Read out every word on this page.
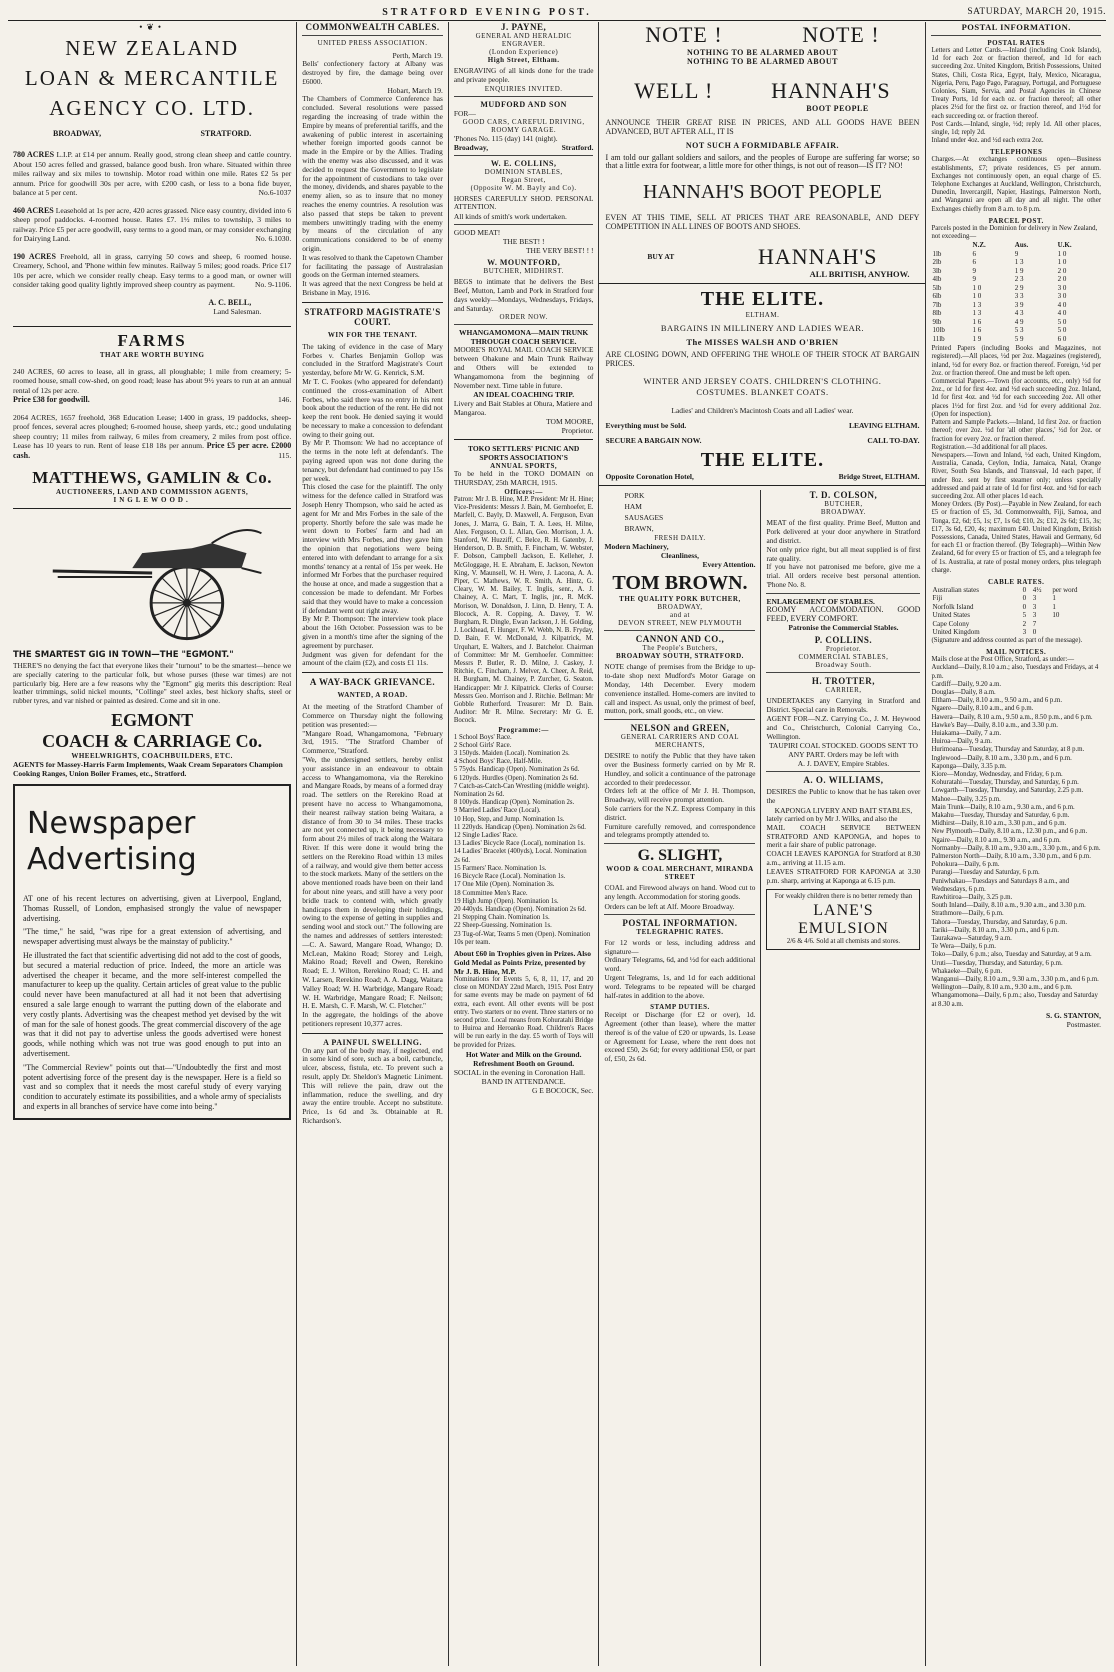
STRATFORD EVENING POST.	SATURDAY, MARCH 20, 1915.
•❦•
NEW ZEALAND
LOAN & MERCANTILE
AGENCY CO. LTD.
BROADWAY,	STRATFORD.
780 ACRES L.I.P. at £14 per annum. Really good, strong clean sheep and cattle country. About 150 acres felled and grassed, balance good bush. Iron whare. Situated within three miles railway and six miles to township. Motor road within one mile. Rates £2 5s per annum. Price for goodwill 30s per acre, with £200 cash, or less to a bona fide buyer, balance at 5 per cent.	No.6-1037
460 ACRES Leasehold at 1s per acre, 420 acres grassed. Nice easy country, divided into 6 sheep proof paddocks. 4-roomed house. Rates £7. 1½ miles to township, 3 miles to railway. Price £5 per acre goodwill, easy terms to a good man, or may consider exchanging for Dairying Land.	No. 6.1030.
190 ACRES Freehold, all in grass, carrying 50 cows and sheep, 6 roomed house. Creamery, School, and 'Phone within few minutes. Railway 5 miles; good roads. Price £17 10s per acre, which we consider really cheap. Easy terms to a good man, or owner will consider taking good quality lightly improved sheep country as payment.	No. 9-1106.
A. C. BELL,
Land Salesman.
FARMS
THAT ARE WORTH BUYING
240 ACRES, 60 acres to lease, all in grass, all ploughable; 1 mile from creamery; 5-roomed house, small cow-shed, on good road; lease has about 9½ years to run at an annual rental of 12s per acre.
Price £38 for goodwill.	146.
2064 ACRES, 1657 freehold, 368 Education Lease; 1400 in grass, 19 paddocks, sheep-proof fences, several acres ploughed; 6-roomed house, sheep yards, etc.; good undulating sheep country; 11 miles from railway, 6 miles from creamery, 2 miles from post office. Lease has 10 years to run. Rent of lease £18 18s per annum. Price £5 per acre. £2000 cash.	115.
MATTHEWS, GAMLIN & Co.
AUCTIONEERS, LAND AND COMMISSION AGENTS,
INGLEWOOD.
THE SMARTEST GIG IN TOWN—THE "EGMONT."
THERE'S no denying the fact that everyone likes their "turnout" to be the smartest—hence we are specially catering to the particular folk, but whose purses (these war times) are not particularly big. Here are a few reasons why the "Egmont" gig merits this description: Real leather trimmings, solid nickel mounts, "Collinge" steel axles, best hickory shafts, steel or rubber tyres, and var nished or painted as desired. Come and sit in one.
EGMONT
COACH & CARRIAGE Co.
WHEELWRIGHTS, COACHBUILDERS, ETC.
AGENTS for Massey-Harris Farm Implements, Waak Cream Separators Champion Cooking Ranges, Union Boiler Frames, etc., Stratford.
Newspaper Advertising
AT one of his recent lectures on advertising, given at Liverpool, England, Thomas Russell, of London, emphasised strongly the value of newspaper advertising.
"The time," he said, "was ripe for a great extension of advertising, and newspaper advertising must always be the mainstay of publicity."
He illustrated the fact that scientific advertising did not add to the cost of goods, but secured a material reduction of price. Indeed, the more an article was advertised the cheaper it became, and the more self-interest compelled the manufacturer to keep up the quality. Certain articles of great value to the public could never have been manufactured at all had it not been that advertising ensured a sale large enough to warrant the putting down of the elaborate and very costly plants. Advertising was the cheapest method yet devised by the wit of man for the sale of honest goods. The great commercial discovery of the age was that it did not pay to advertise unless the goods advertised were honest goods, while nothing which was not true was good enough to put into an advertisement.
"The Commercial Review" points out that—"Undoubtedly the first and most potent advertising force of the present day is the newspaper. Here is a field so vast and so complex that it needs the most careful study of every varying condition to accurately estimate its possibilities, and a whole army of specialists and experts in all branches of service have come into being."
COMMONWEALTH CABLES.
UNITED PRESS ASSOCIATION.
Perth, March 19.
Bells' confectionery factory at Albany was destroyed by fire, the damage being over £6000.
Hobart, March 19.
The Chambers of Commerce Conference has concluded. Several resolutions were passed regarding the increasing of trade within the Empire by means of preferential tariffs, and the awakening of public interest in ascertaining whether foreign imported goods cannot be made in the Empire or by the Allies. Trading with the enemy was also discussed, and it was decided to request the Government to legislate for the appointment of custodians to take over the money, dividends, and shares payable to the enemy alien, so as to insure that no money reaches the enemy countries. A resolution was also passed that steps be taken to prevent members unwittingly trading with the enemy by means of the circulation of any communications considered to be of enemy origin.
It was resolved to thank the Capetown Chamber for facilitating the passage of Australasian goods on the German interned steamers.
It was agreed that the next Congress be held at Brisbane in May, 1916.
STRATFORD MAGISTRATE'S COURT.
WIN FOR THE TENANT.
The taking of evidence in the case of Mary Forbes v. Charles Benjamin Gollop was concluded in the Stratford Magistrate's Court yesterday, before Mr W. G. Kenrick, S.M.
Mr T. C. Fookes (who appeared for defendant) continued the cross-examination of Albert Forbes, who said there was no entry in his rent book about the reduction of the rent. He did not keep the rent book. He denied saying it would be necessary to make a concession to defendant owing to their going out.
By Mr P. Thomson: We had no acceptance of the terms in the note left at defendant's. The paying agreed upon was not done during the tenancy, but defendant had continued to pay 15s per week.
This closed the case for the plaintiff. The only witness for the defence called in Stratford was Joseph Henry Thompson, who said he acted as agent for Mr and Mrs Forbes in the sale of the property. Shortly before the sale was made he went down to Forbes' farm and had an interview with Mrs Forbes, and they gave him the opinion that negotiations were being entered into with defendant to arrange for a six months' tenancy at a rental of 15s per week. He informed Mr Forbes that the purchaser required the house at once, and made a suggestion that a concession be made to defendant. Mr Forbes said that they would have to make a concession if defendant went out right away.
By Mr P. Thompson: The interview took place about the 16th October. Possession was to be given in a month's time after the signing of the agreement by purchaser.
Judgment was given for defendant for the amount of the claim (£2), and costs £1 11s.
A WAY-BACK GRIEVANCE.
WANTED, A ROAD.
At the meeting of the Stratford Chamber of Commerce on Thursday night the following petition was presented:—
"Mangare Road, Whangamomona, "February 3rd, 1915. "The Stratford Chamber of Commerce, "Stratford.
"We, the undersigned settlers, hereby enlist your assistance in an endeavour to obtain access to Whangamomona, via the Rerekino and Mangare Roads, by means of a formed dray road. The settlers on the Rerekino Road at present have no access to Whangamomona, their nearest railway station being Waitara, a distance of from 30 to 34 miles. These tracks are not yet connected up, it being necessary to form about 2½ miles of track along the Waitara River. If this were done it would bring the settlers on the Rerekino Road within 13 miles of a railway, and would give them better access to the stock markets. Many of the settlers on the above mentioned roads have been on their land for about nine years, and still have a very poor bridle track to contend with, which greatly handicaps them in developing their holdings, owing to the expense of getting in supplies and sending wool and stock out." The following are the names and addresses of settlers interested:—C. A. Saward, Mangare Road, Whango; D. McLean, Makino Road; Storey and Leigh, Makino Road; Revell and Owen, Rerekino Road; E. J. Wilton, Rerekino Road; C. H. and W. Larsen, Rerekino Road; A. A. Dagg, Waitara Valley Road; W. H. Warbridge, Mangare Road; W. H. Warbridge, Mangare Road; F. Neilson; H. E. Marsh, C. F. Marsh, W. C. Fletcher."
In the aggregate, the holdings of the above petitioners represent 10,377 acres.
A PAINFUL SWELLING.
On any part of the body may, if neglected, end in some kind of sore, such as a boil, carbuncle, ulcer, abscess, fistula, etc. To prevent such a result, apply Dr. Sheldon's Magnetic Liniment. This will relieve the pain, draw out the inflammation, reduce the swelling, and dry away the entire trouble. Accept no substitute. Price, 1s 6d and 3s. Obtainable at R. Richardson's.
J. PAYNE,
GENERAL AND HERALDIC ENGRAVER.
(London Experience)
High Street, Eltham.
ENGRAVING of all kinds done for the trade and private people.
ENQUIRIES INVITED.
MUDFORD AND SON
FOR—
GOOD CARS, CAREFUL DRIVING, ROOMY GARAGE.
'Phones No. 115 (day) 141 (night).
Broadway,	Stratford.
W. E. COLLINS,
DOMINION STABLES,
Regan Street,
(Opposite W. M. Bayly and Co).
HORSES CAREFULLY SHOD. PERSONAL ATTENTION.
All kinds of smith's work undertaken.
GOOD MEAT!
THE BEST! !
THE VERY BEST! ! !
W. MOUNTFORD,
BUTCHER, MIDHIRST.
BEGS to intimate that he delivers the Best Beef, Mutton, Lamb and Pork in Stratford four days weekly—Mondays, Wednesdays, Fridays, and Saturday.
ORDER NOW.
WHANGAMOMONA—MAIN TRUNK THROUGH COACH SERVICE.
MOORE'S ROYAL MAIL COACH SERVICE between Ohakune and Main Trunk Railway and Others will be extended to Whangamomona from the beginning of November next. Time table in future.
AN IDEAL COACHING TRIP.
Livery and Bait Stables at Ohura, Matiere and Mangaroa.
TOM MOORE,
Proprietor.
TOKO SETTLERS' PICNIC AND SPORTS ASSOCIATION'S
ANNUAL SPORTS,
To be held in the TOKO DOMAIN on THURSDAY, 25th MARCH, 1915.
Officers:—
Patron: Mr J. B. Hine, M.P. President: Mr H. Hine; Vice-Presidents: Messrs J. Bain, M. Gernhoefer, E. Marfell, C. Bayly, D. Maxwell, A. Ferguson, Evan Jones, J. Marra, G. Bain, T. A. Lees, H. Milne, Alex. Ferguson, O. L. Allan, Geo. Morrison, J. A. Stanford, W. Huzziff, C. Belce, R. H. Gatenby, J. Henderson, D. B. Smith, F. Fincham, W. Webster, F. Dobson, Campbell Jackson, E. Kelleher, J. McGloggage, H. E. Abraham, E. Jackson, Newton King, V. Maunsell, W. H. Were, J. Lacona, A. A. Piper, C. Mathews, W. R. Smith, A. Hintz, G. Cleary, W. M. Bailey, T. Inglis, senr., A. J. Chainey, A. C. Mart, T. Inglis, jnr., R. McK. Morison, W. Donaldson, J. Linn, D. Henry, T. A. Blocock, A. R. Copping, A. Davey, T. W. Burgham, R. Dingle, Ewan Jackson, J. H. Golding, J. Lockhead, F. Hunger, F. W. Webb, N. B. Fryday, D. Bain, F. W. McDonald, J. Kilpatrick, M. Urquhart, E. Walters, and J. Batchelor. Chairman of Committee: Mr M. Gernhoefer. Committee: Messrs P. Butler, R. D. Milne, J. Caskey, J. Ritchie, C. Fincham, J. Melver, A. Cheer, A. Reid, H. Burgham, M. Chainey, P. Zurcher, G. Seaton. Handicapper: Mr J. Kilpatrick. Clerks of Course: Messrs Geo. Morrison and J. Ritchie. Bellman: Mr Gobble Rutherford. Treasurer: Mr D. Bain. Auditor: Mr R. Milne. Secretary: Mr G. E. Bocock.
Programme:—
1 School Boys' Race.
2 School Girls' Race.
3 150yds. Maiden (Local). Nomination 2s.
4 School Boys' Race, Half-Mile.
5 75yds. Handicap (Open). Nomination 2s 6d.
6 120yds. Hurdles (Open). Nomination 2s 6d.
7 Catch-as-Catch-Can Wrestling (middle weight). Nomination 2s 6d.
8 100yds. Handicap (Open). Nomination 2s.
9 Married Ladies' Race (Local).
10 Hop, Step, and Jump. Nomination 1s.
11 220yds. Handicap (Open). Nomination 2s 6d.
12 Single Ladies' Race.
13 Ladies' Bicycle Race (Local), nomination 1s.
14 Ladies' Bracelet (400yds), Local. Nomination 2s 6d.
15 Farmers' Race. Nomination 1s.
16 Bicycle Race (Local). Nomination 1s.
17 One Mile (Open). Nomination 3s.
18 Committee Men's Race.
19 High Jump (Open). Nomination 1s.
20 440yds. Handicap (Open). Nomination 2s 6d.
21 Stepping Chain. Nomination 1s.
22 Sheep-Guessing. Nomination 1s.
23 Tug-of-War, Teams 5 men (Open). Nomination 10s per team.
About £60 in Trophies given in Prizes. Also Gold Medal as Points Prize, presented by Mr J. B. Hine, M.P.
Nominations for Events 5, 6, 8, 11, 17, and 20 close on MONDAY 22nd March, 1915. Post Entry for same events may be made on payment of 6d extra, each event. All other events will be post entry. Two starters or no event. Three starters or no second prize. Local means from Kohuratahi Bridge to Huiroa and Heroanko Road. Children's Races will be run early in the day. £5 worth of Toys will be provided for Prizes.
Hot Water and Milk on the Ground. Refreshment Booth on Ground.
SOCIAL in the evening in Coronation Hall.
BAND IN ATTENDANCE.
G E BOCOCK, Sec.
NOTE !	NOTE !
NOTHING TO BE ALARMED ABOUT
NOTHING TO BE ALARMED ABOUT
WELL !	HANNAH'S
BOOT PEOPLE
ANNOUNCE THEIR GREAT RISE IN PRICES, AND ALL GOODS HAVE BEEN ADVANCED, BUT AFTER ALL, IT IS
NOT SUCH A FORMIDABLE AFFAIR.
I am told our gallant soldiers and sailors, and the peoples of Europe are suffering far worse; so that a little extra for footwear, a little more for other things, is not out of reason—IS IT? NO!
HANNAH'S BOOT PEOPLE
EVEN AT THIS TIME, SELL AT PRICES THAT ARE REASONABLE, AND DEFY COMPETITION IN ALL LINES OF BOOTS AND SHOES.
BUY AT	HANNAH'S
ALL BRITISH, ANYHOW.
THE ELITE.
ELTHAM.
BARGAINS IN MILLINERY AND LADIES WEAR.
The MISSES WALSH AND O'BRIEN
ARE CLOSING DOWN, AND OFFERING THE WHOLE OF THEIR STOCK AT BARGAIN PRICES.
WINTER AND JERSEY COATS. CHILDREN'S CLOTHING. COSTUMES. BLANKET COATS.
Ladies' and Children's Macintosh Coats and all Ladies' wear.
Everything must be Sold.	LEAVING ELTHAM.
SECURE A BARGAIN NOW.	CALL TO-DAY.
THE ELITE.
Opposite Coronation Hotel,	Bridge Street, ELTHAM.
PORK
HAM
SAUSAGES
BRAWN,
FRESH DAILY.
Modern Machinery,
Cleanliness,
Every Attention.
TOM BROWN.
THE QUALITY PORK BUTCHER,
BROADWAY,
and at
DEVON STREET, NEW PLYMOUTH
CANNON AND CO.,
The People's Butchers,
BROADWAY SOUTH, STRATFORD.
NOTE change of premises from the Bridge to up-to-date shop next Mudford's Motor Garage on Monday, 14th December. Every modern convenience installed. Home-comers are invited to call and inspect. As usual, only the primest of beef, mutton, pork, small goods, etc., on view.
NELSON and GREEN,
GENERAL CARRIERS AND COAL MERCHANTS,
DESIRE to notify the Public that they have taken over the Business formerly carried on by Mr R. Hundley, and solicit a continuance of the patronage accorded to their predecessor.
Orders left at the office of Mr J. H. Thompson, Broadway, will receive prompt attention.
Sole carriers for the N.Z. Express Company in this district.
Furniture carefully removed, and correspondence and telegrams promptly attended to.
G. SLIGHT,
WOOD & COAL MERCHANT, MIRANDA STREET
COAL and Firewood always on hand. Wood cut to any length. Accommodation for storing goods.
Orders can be left at Alf. Moore Broadway.
POSTAL INFORMATION.
TELEGRAPHIC RATES.
For 12 words or less, including address and signature—
Ordinary Telegrams, 6d, and ½d for each additional word.
Urgent Telegrams, 1s, and 1d for each additional word. Telegrams to be repeated will be charged half-rates in addition to the above.
STAMP DUTIES.
Receipt or Discharge (for £2 or over), 1d. Agreement (other than lease), where the matter thereof is of the value of £20 or upwards, 1s. Lease or Agreement for Lease, where the rent does not exceed £50, 2s 6d; for every additional £50, or part of, £50, 2s 6d.
T. D. COLSON,
BUTCHER,
BROADWAY.
MEAT of the first quality. Prime Beef, Mutton and Pork delivered at your door anywhere in Stratford and district.
Not only price right, but all meat supplied is of first rate quality.
If you have not patronised me before, give me a trial. All orders receive best personal attention. 'Phone No. 8.
ENLARGEMENT OF STABLES.
ROOMY ACCOMMODATION. GOOD FEED, EVERY COMFORT.
Patronise the Commercial Stables.
P. COLLINS.
Proprietor.
COMMERCIAL STABLES,
Broadway South.
H. TROTTER,
CARRIER,
UNDERTAKES any Carrying in Stratford and District. Special care in Removals.
AGENT FOR—N.Z. Carrying Co., J. M. Heywood and Co., Christchurch, Colonial Carrying Co., Wellington.
TAUPIRI COAL STOCKED. GOODS SENT TO ANY PART. Orders may be left with
A. J. DAVEY, Empire Stables.
A. O. WILLIAMS,
DESIRES the Public to know that he has taken over the
KAPONGA LIVERY AND BAIT STABLES,
lately carried on by Mr J. Wilks, and also the
MAIL COACH SERVICE BETWEEN STRATFORD AND KAPONGA, and hopes to merit a fair share of public patronage.
COACH LEAVES KAPONGA for Stratford at 8.30 a.m., arriving at 11.15 a.m.
LEAVES STRATFORD FOR KAPONGA at 3.30 p.m. sharp, arriving at Kaponga at 6.15 p.m.
For weakly children there is no better remedy than
LANE'S EMULSION
2/6 & 4/6. Sold at all chemists and stores.
POSTAL INFORMATION.
POSTAL RATES
Letters and Letter Cards.—Inland (including Cook Islands), 1d for each 2oz or fraction thereof, and 1d for each succeeding 2oz. United Kingdom, British Possessions, United States, Chili, Costa Rica, Egypt, Italy, Mexico, Nicaragua, Nigeria, Peru, Pago Pago, Paraguay, Portugal, and Portuguese Colonies, Siam, Servia, and Postal Agencies in Chinese Treaty Ports, 1d for each oz. or fraction thereof; all other places 2½d for the first oz. or fraction thereof, and 1½d for each succeeding oz. or fraction thereof.
Post Cards.—Inland, single, ½d; reply 1d. All other places, single, 1d; reply 2d.
Inland under 4oz. and ½d each extra 2oz.
TELEPHONES
Charges.—At exchanges continuous open—Business establishments, £7; private residences, £5 per annum. Exchanges not continuously open, an equal charge of £5. Telephone Exchanges at Auckland, Wellington, Christchurch, Dunedin, Invercargill, Napier, Hastings, Palmerston North, and Wanganui are open all day and all night. The other Exchanges chiefly from 8 a.m. to 8 p.m.
PARCEL POST.
Parcels posted in the Dominion for delivery in New Zealand, not exceeding—
	N.Z.	Aus.	U.K.
1lb	6	9	1 0
2lb	6	1 3	1 0
3lb	9	1 9	2 0
4lb	9	2 3	2 0
5lb	1 0	2 9	3 0
6lb	1 0	3 3	3 0
7lb	1 3	3 9	4 0
8lb	1 3	4 3	4 0
9lb	1 6	4 9	5 0
10lb	1 6	5 3	5 0
11lb	1 9	5 9	6 0
Printed Papers (including Books and Magazines, not registered).—All places, ½d per 2oz. Magazines (registered), inland, ½d for every 8oz. or fraction thereof. Foreign, ½d per 2oz. or fraction thereof. One and must be left open.
Commercial Papers.—Town (for accounts, etc., only) ½d for 2oz., or 1d for first 4oz. and ½d each succeeding 2oz. Inland, 1d for first 4oz. and ½d for each succeeding 2oz. All other places 1½d for first 2oz. and ½d for every additional 2oz. (Open for inspection).
Pattern and Sample Packets.—Inland, 1d first 2oz. or fraction thereof; over 2oz. ½d for 'all other places,' ½d for 2oz. or fraction for every 2oz. or fraction thereof.
Registration.—3d additional for all places.
Newspapers.—Town and Inland, ½d each, United Kingdom, Australia, Canada, Ceylon, India, Jamaica, Natal, Orange River, South Sea Islands, and Transvaal, 1d each paper, if under 8oz. sent by first steamer only; unless specially addressed and paid at rate of 1d for first 4oz. and ½d for each succeeding 2oz. All other places 1d each.
Money Orders. (By Post).—Payable in New Zealand, for each £5 or fraction of £5, 3d. Commonwealth, Fiji, Samoa, and Tonga, £2, 6d; £5, 1s; £7, 1s 6d; £10, 2s; £12, 2s 6d; £15, 3s; £17, 3s 6d, £20, 4s; maximum £40. United Kingdom, British Possessions, Canada, United States, Hawaii and Germany, 6d for each £1 or fraction thereof. (By Telegraph)—Within New Zealand, 6d for every £5 or fraction of £5, and a telegraph fee of 1s. Australia, at rate of postal money orders, plus telegraph charge.
CABLE RATES.
Australian states	0	4½	per word
Fiji	0	3	1
Norfolk Island	0	3	1
United States	5	3	10
Cape Colony	2	7	
United Kingdom	3	0	
(Signature and address counted as part of the message).
MAIL NOTICES.
Mails close at the Post Office, Stratford, as under:—
Auckland—Daily, 8.10 a.m.; also, Tuesdays and Fridays, at 4 p.m.
Cardiff—Daily, 9.20 a.m.
Douglas—Daily, 8 a.m.
Eltham—Daily, 8.10 a.m., 9.50 a.m., and 6 p.m.
Ngaere—Daily, 8.10 a.m., and 6 p.m.
Hawera—Daily, 8.10 a.m., 9.50 a.m., 8.50 p.m., and 6 p.m.
Hawke's Bay—Daily, 8.10 a.m., and 3.30 p.m.
Huiakama—Daily, 7 a.m.
Huiroa—Daily, 9 a.m.
Hurimoana—Tuesday, Thursday and Saturday, at 8 p.m.
Inglewood—Daily, 8.10 a.m., 3.30 p.m., and 6 p.m.
Kaponga—Daily, 3.35 p.m.
Kiore—Monday, Wednesday, and Friday, 6 p.m.
Kohuratahi—Tuesday, Thursday, and Saturday, 6 p.m.
Lowgarth—Tuesday, Thursday, and Saturday, 2.25 p.m.
Mahoe—Daily, 3.25 p.m.
Main Trunk—Daily, 8.10 a.m., 9.30 a.m., and 6 p.m.
Makahu—Tuesday, Thursday and Saturday, 6 p.m.
Midhirst—Daily, 8.10 a.m., 3.30 p.m., and 6 p.m.
New Plymouth—Daily, 8.10 a.m., 12.30 p.m., and 6 p.m.
Ngaire—Daily, 8.10 a.m., 9.30 a.m., and 6 p.m.
Normanby—Daily, 8.10 a.m., 9.30 a.m., 3.30 p.m., and 6 p.m.
Palmerston North—Daily, 8.10 a.m., 3.30 p.m., and 6 p.m.
Pohokura—Daily, 6 p.m.
Purangi—Tuesday and Saturday, 6 p.m.
Puniwhakau—Tuesdays and Saturdays 8 a.m., and Wednesdays, 6 p.m.
Rawhitiroa—Daily, 3.25 p.m.
South Inland—Daily, 8.10 a.m., 9.30 a.m., and 3.30 p.m.
Strathmore—Daily, 6 p.m.
Tahora—Tuesday, Thursday, and Saturday, 6 p.m.
Tariki—Daily, 8.10 a.m., 3.30 p.m., and 6 p.m.
Taurakawa—Saturday, 9 a.m.
Te Wera—Daily, 6 p.m.
Toko—Daily, 6 p.m.; also, Tuesday and Saturday, at 9 a.m.
Uruti—Tuesday, Thursday, and Saturday, 6 p.m.
Whakaeke—Daily, 6 p.m.
Wanganui—Daily, 8.10 a.m., 9.30 a.m., 3.30 p.m., and 6 p.m.
Wellington—Daily, 8.10 a.m., 9.30 a.m., and 6 p.m.
Whangamomona—Daily, 6 p.m.; also, Tuesday and Saturday at 8.30 a.m.
S. G. STANTON,
Postmaster.
